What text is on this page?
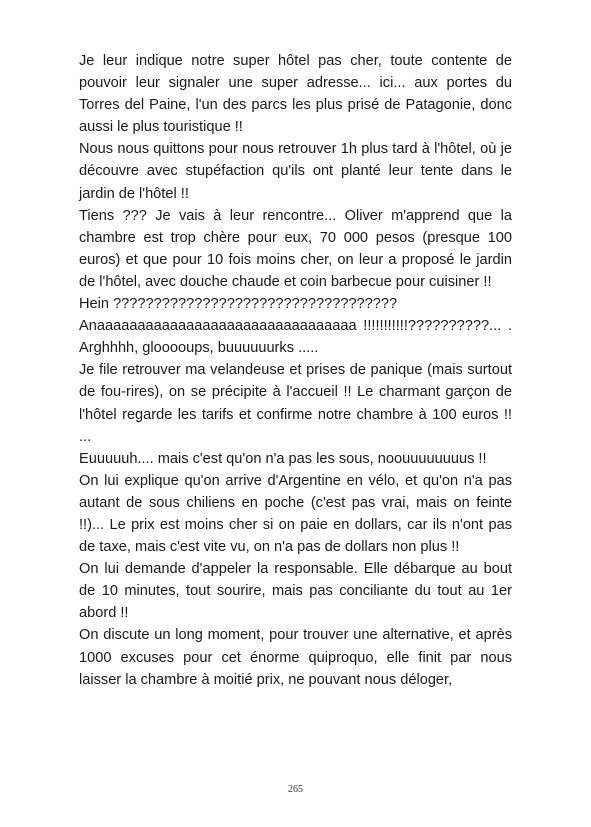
Je leur indique notre super hôtel pas cher, toute contente de pouvoir leur signaler une super adresse... ici... aux portes du Torres del Paine, l'un des parcs les plus prisé de Patagonie, donc aussi le plus touristique !!

Nous nous quittons pour nous retrouver 1h plus tard à l'hôtel, où je découvre avec stupéfaction qu'ils ont planté leur tente dans le jardin de l'hôtel !!

Tiens ??? Je vais à leur rencontre... Oliver m'apprend que la chambre est trop chère pour eux, 70 000 pesos (presque 100 euros) et que pour 10 fois moins cher, on leur a proposé le jardin de l'hôtel, avec douche chaude et coin barbecue pour cuisiner !!

Hein ???????????????????????????????????

Anaaaaaaaaaaaaaaaaaaaaaaaaaaaaaaaa !!!!!!!!!!!??????????... . Arghhhh, glooooups, buuuuuurks .....

Je file retrouver ma velandeuse et prises de panique (mais surtout de fou-rires), on se précipite à l'accueil !! Le charmant garçon de l'hôtel regarde les tarifs et confirme notre chambre à 100 euros !! ...

Euuuuuh.... mais c'est qu'on n'a pas les sous, noouuuuuuuus !!

On lui explique qu'on arrive d'Argentine en vélo, et qu'on n'a pas autant de sous chiliens en poche (c'est pas vrai, mais on feinte !!)... Le prix est moins cher si on paie en dollars, car ils n'ont pas de taxe, mais c'est vite vu, on n'a pas de dollars non plus !!

On lui demande d'appeler la responsable. Elle débarque au bout de 10 minutes, tout sourire, mais pas conciliante du tout au 1er abord !!

On discute un long moment, pour trouver une alternative, et après 1000 excuses pour cet énorme quiproquo, elle finit par nous laisser la chambre à moitié prix, ne pouvant nous déloger,

265
